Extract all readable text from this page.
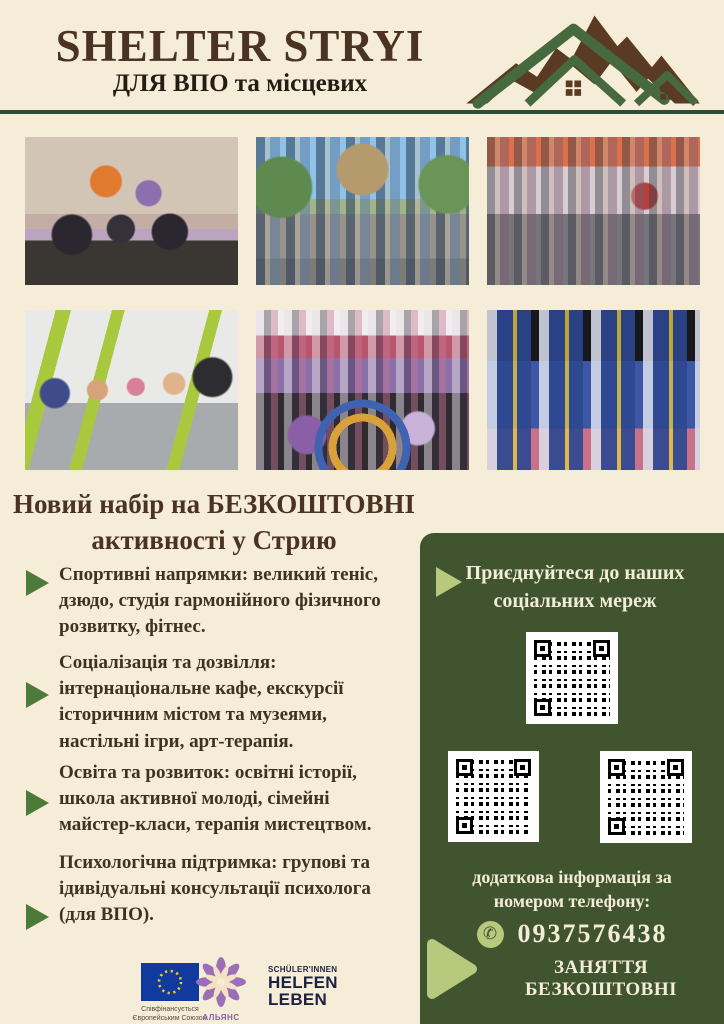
SHELTER STRYI
ДЛЯ ВПО та місцевих
Новий набір на БЕЗКОШТОВНІ
активності у Стрию
Спортивні напрямки: великий теніс, дзюдо, студія гармонійного фізичного розвитку, фітнес.
Соціалізація та дозвілля: інтернаціональне кафе, екскурсії історичним містом та музеями, настільні ігри, арт-терапія.
Освіта та розвиток: освітні історії, школа активної молоді, сімейні майстер-класи, терапія мистецтвом.
Психологічна підтримка: групові та ідивідуальні консультації психолога (для ВПО).
Приєднуйтеся до наших
соціальних мереж
додаткова інформація за
номером телефону:
✆ 0937576438
ЗАНЯТТЯ БЕЗКОШТОВНІ
Співфінансується
Європейським Союзом
АЛЬЯНС
SCHÜLER'INNEN
HELFEN
LEBEN
